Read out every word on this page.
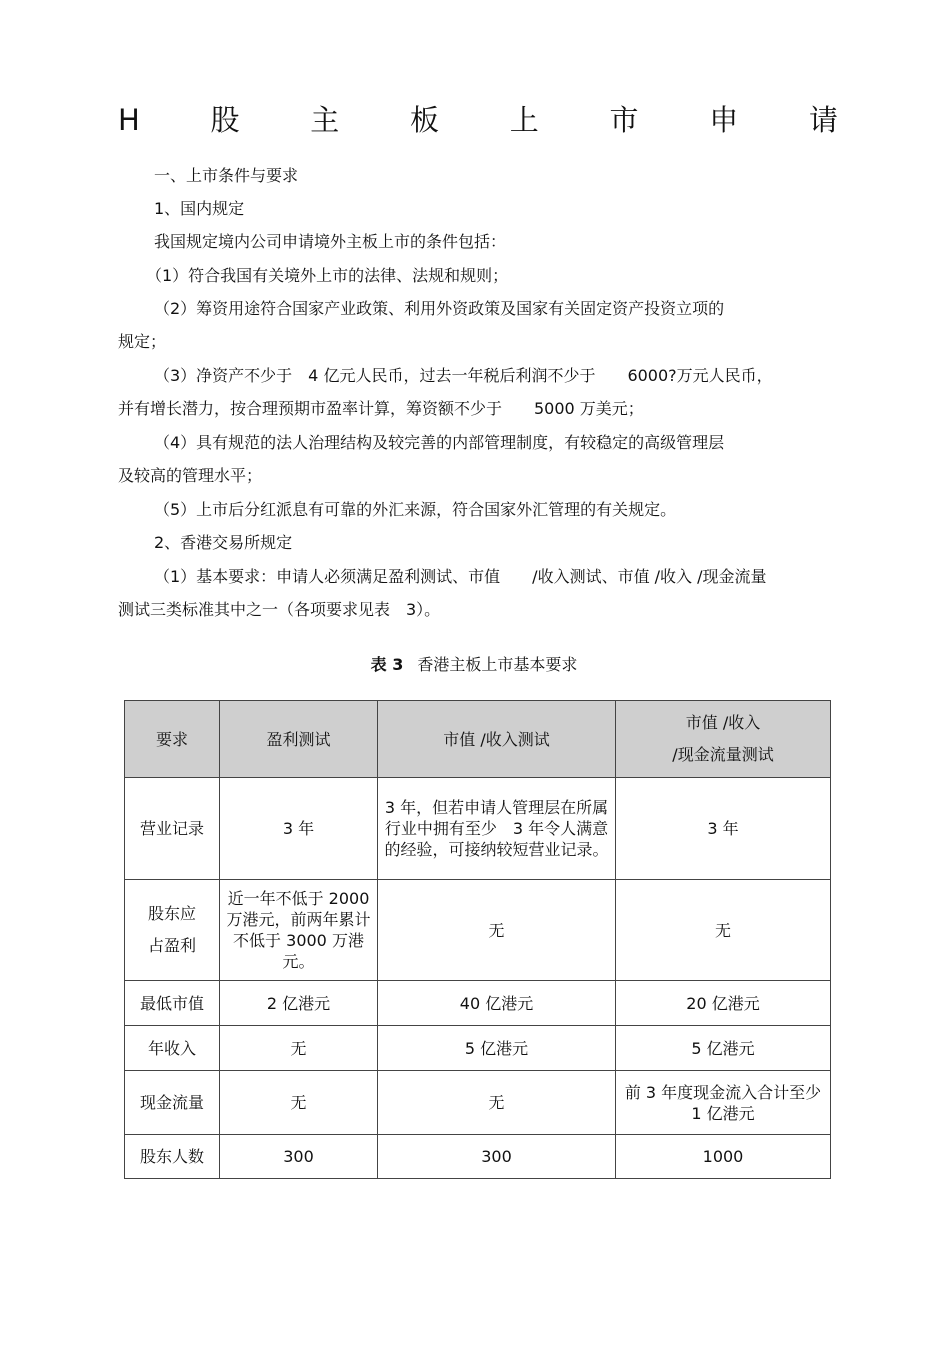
H 股 主 板 上 市 申 请
一、上市条件与要求
1、国内规定
我国规定境内公司申请境外主板上市的条件包括：
（1）符合我国有关境外上市的法律、法规和规则；
（2）筹资用途符合国家产业政策、利用外资政策及国家有关固定资产投资立项的
规定；
（3）净资产不少于　4 亿元人民币，过去一年税后利润不少于　　6000?万元人民币，
并有增长潜力，按合理预期市盈率计算，筹资额不少于　　5000 万美元；
（4）具有规范的法人治理结构及较完善的内部管理制度，有较稳定的高级管理层
及较高的管理水平；
（5）上市后分红派息有可靠的外汇来源，符合国家外汇管理的有关规定。
2、香港交易所规定
（1）基本要求：申请人必须满足盈利测试、市值　　/收入测试、市值 /收入 /现金流量
测试三类标准其中之一（各项要求见表　3）。
表 3 香港主板上市基本要求
要求	盈利测试	市值 /收入测试	市值 /收入
/现金流量测试

营业记录	3 年	3 年，但若申请人管理层在所属行业中拥有至少　3 年令人满意的经验，可接纳较短营业记录。	3 年

股东应
占盈利	近一年不低于 2000 万港元，前两年累计不低于 3000 万港元。	无	无
最低市值	2 亿港元	40 亿港元	20 亿港元
年收入	无	5 亿港元	5 亿港元
现金流量	无	无	前 3 年度现金流入合计至少 1 亿港元
股东人数	300	300	1000
